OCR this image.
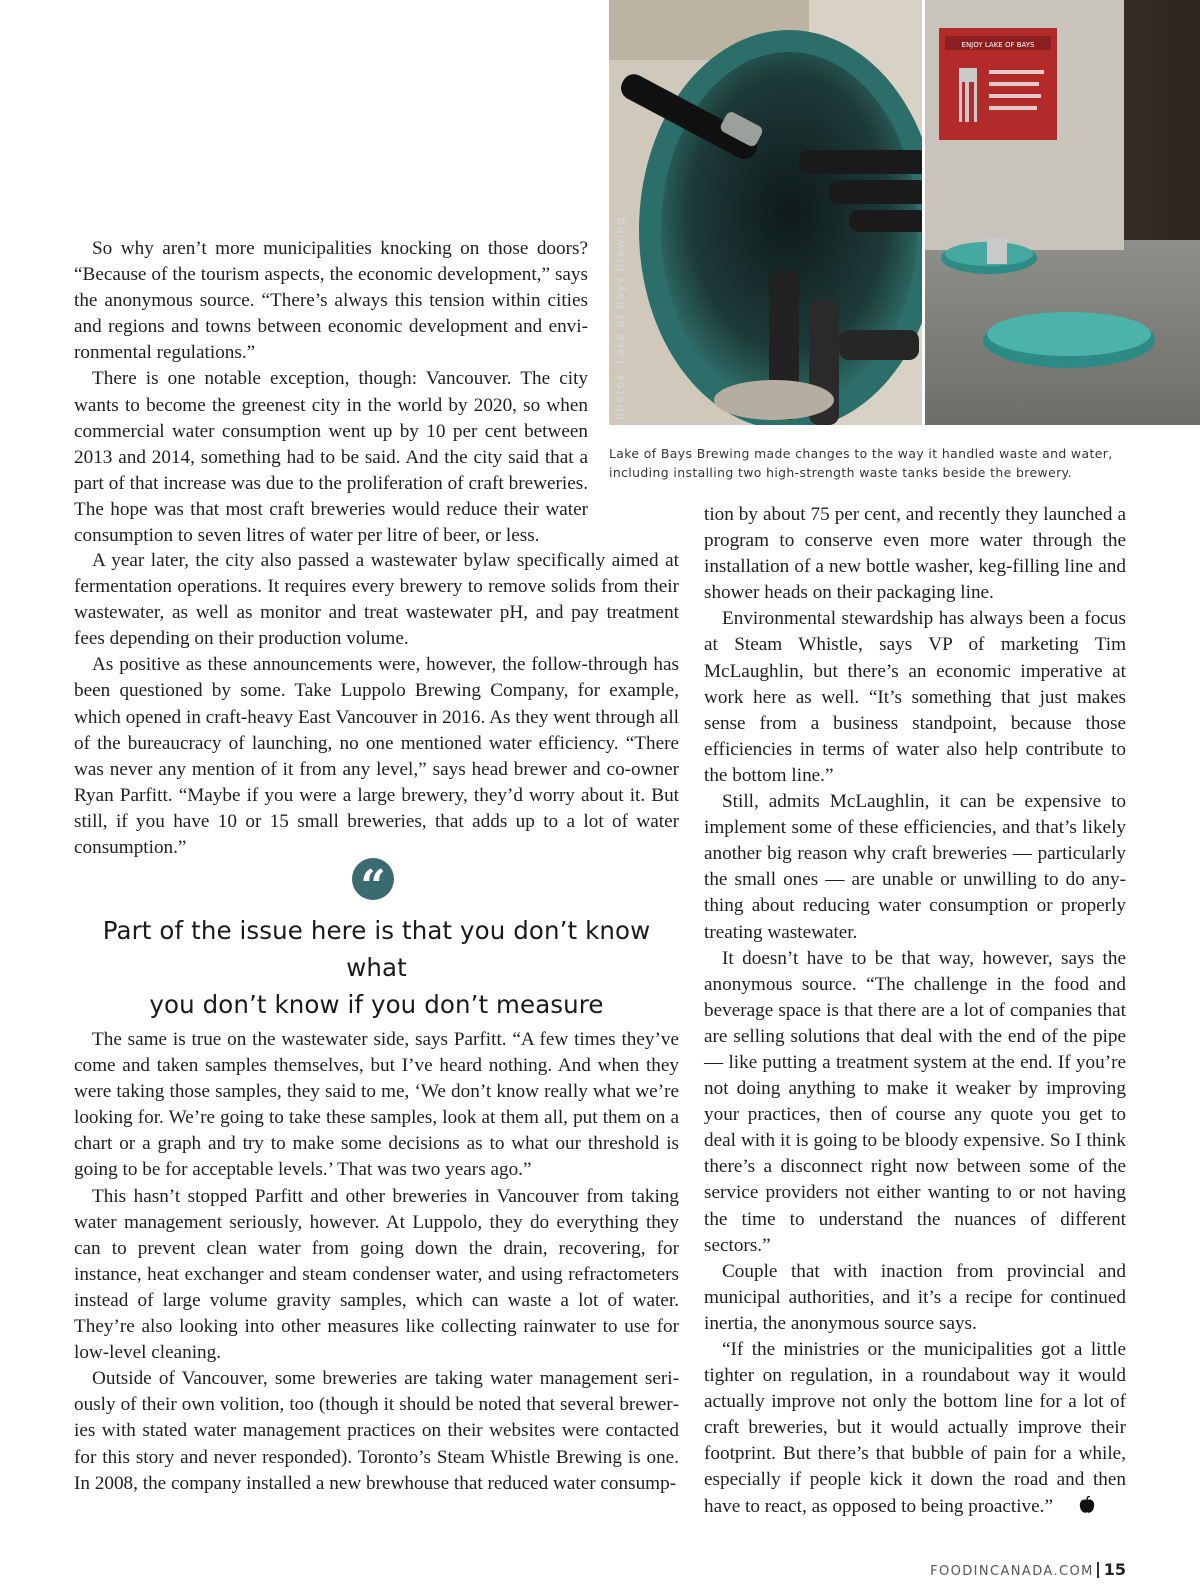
ENJOY LAKE OF BAYS
photos: Lake of Bays Brewing
Lake of Bays Brewing made changes to the way it handled waste and water,
including installing two high-strength waste tanks beside the brewery.

So why aren’t more municipalities knocking on those doors? “Because of the tourism aspects, the economic development,” says the anonymous source. “There’s always this tension within cities and regions and towns between economic development and environmental regulations.”

There is one notable exception, though: Vancouver. The city wants to become the greenest city in the world by 2020, so when commercial water consumption went up by 10 per cent between 2013 and 2014, something had to be said. And the city said that a part of that increase was due to the proliferation of craft breweries. The hope was that most craft breweries would reduce their water consumption to seven litres of water per litre of beer, or less.

A year later, the city also passed a wastewater bylaw specifically aimed at fermentation operations. It requires every brewery to remove solids from their wastewater, as well as monitor and treat wastewater pH, and pay treatment fees depending on their production volume.

As positive as these announcements were, however, the follow-through has been questioned by some. Take Luppolo Brewing Company, for example, which opened in craft-heavy East Vancouver in 2016. As they went through all of the bureaucracy of launching, no one mentioned water efficiency. “There was never any mention of it from any level,” says head brewer and co-owner Ryan Parfitt. “Maybe if you were a large brewery, they’d worry about it. But still, if you have 10 or 15 small breweries, that adds up to a lot of water consumption.”

“
Part of the issue here is that you don’t know what
you don’t know if you don’t measure

The same is true on the wastewater side, says Parfitt. “A few times they’ve come and taken samples themselves, but I’ve heard nothing. And when they were taking those samples, they said to me, ‘We don’t know really what we’re looking for. We’re going to take these samples, look at them all, put them on a chart or a graph and try to make some decisions as to what our threshold is going to be for acceptable levels.’ That was two years ago.”

This hasn’t stopped Parfitt and other breweries in Vancouver from taking water management seriously, however. At Luppolo, they do everything they can to prevent clean water from going down the drain, recovering, for instance, heat exchanger and steam condenser water, and using refractometers instead of large volume gravity samples, which can waste a lot of water. They’re also looking into other measures like collecting rainwater to use for low-level cleaning.

Outside of Vancouver, some breweries are taking water management seriously of their own volition, too (though it should be noted that several breweries with stated water management practices on their websites were contacted for this story and never responded). Toronto’s Steam Whistle Brewing is one. In 2008, the company installed a new brewhouse that reduced water consump-

tion by about 75 per cent, and recently they launched a program to conserve even more water through the installation of a new bottle washer, keg-filling line and shower heads on their packaging line.

Environmental stewardship has always been a focus at Steam Whistle, says VP of marketing Tim McLaughlin, but there’s an economic imperative at work here as well. “It’s something that just makes sense from a business standpoint, because those efficiencies in terms of water also help contribute to the bottom line.”

Still, admits McLaughlin, it can be expensive to implement some of these efficiencies, and that’s likely another big reason why craft breweries — particularly the small ones — are unable or unwilling to do anything about reducing water consumption or properly treating wastewater.

It doesn’t have to be that way, however, says the anonymous source. “The challenge in the food and beverage space is that there are a lot of companies that are selling solutions that deal with the end of the pipe — like putting a treatment system at the end. If you’re not doing anything to make it weaker by improving your practices, then of course any quote you get to deal with it is going to be bloody expensive. So I think there’s a disconnect right now between some of the service providers not either wanting to or not having the time to understand the nuances of different sectors.”

Couple that with inaction from provincial and municipal authorities, and it’s a recipe for continued inertia, the anonymous source says.

“If the ministries or the municipalities got a little tighter on regulation, in a roundabout way it would actually improve not only the bottom line for a lot of craft breweries, but it would actually improve their footprint. But there’s that bubble of pain for a while, especially if people kick it down the road and then have to react, as opposed to being proactive.”

FOODINCANADA.COM 15
